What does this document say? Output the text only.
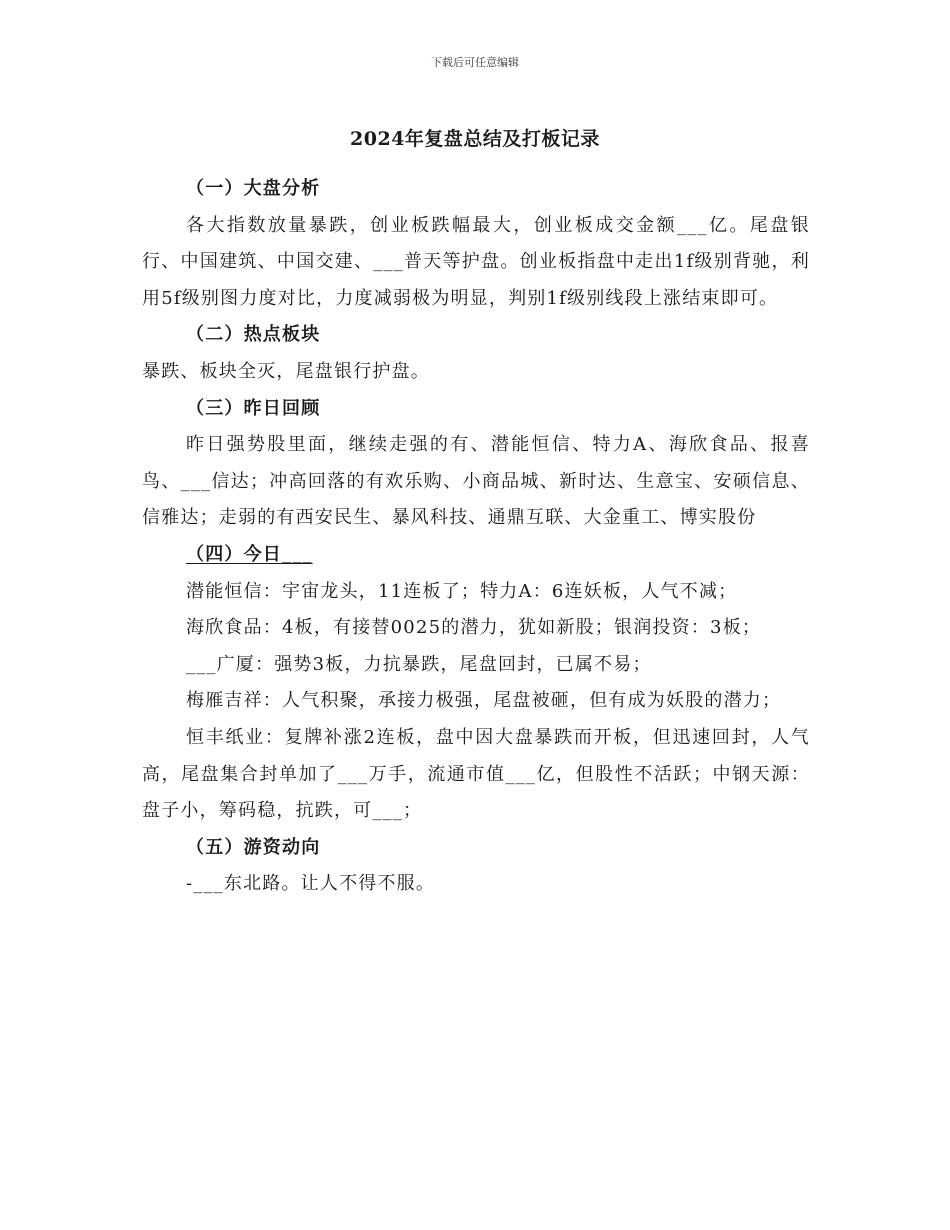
下载后可任意编辑
2024年复盘总结及打板记录

（一）大盘分析

各大指数放量暴跌，创业板跌幅最大，创业板成交金额___亿。尾盘银行、中国建筑、中国交建、___普天等护盘。创业板指盘中走出1f级别背驰，利用5f级别图力度对比，力度减弱极为明显，判别1f级别线段上涨结束即可。

（二）热点板块

暴跌、板块全灭，尾盘银行护盘。

（三）昨日回顾

昨日强势股里面，继续走强的有、潜能恒信、特力A、海欣食品、报喜鸟、___信达；冲高回落的有欢乐购、小商品城、新时达、生意宝、安硕信息、信雅达；走弱的有西安民生、暴风科技、通鼎互联、大金重工、博实股份

（四）今日___

潜能恒信：宇宙龙头，11连板了；特力A：6连妖板，人气不减；

海欣食品：4板，有接替0025的潜力，犹如新股；银润投资：3板；

___广厦：强势3板，力抗暴跌，尾盘回封，已属不易；

梅雁吉祥：人气积聚，承接力极强，尾盘被砸，但有成为妖股的潜力；

恒丰纸业：复牌补涨2连板，盘中因大盘暴跌而开板，但迅速回封，人气高，尾盘集合封单加了___万手，流通市值___亿，但股性不活跃；中钢天源：盘子小，筹码稳，抗跌，可___；

（五）游资动向

-___东北路。让人不得不服。
